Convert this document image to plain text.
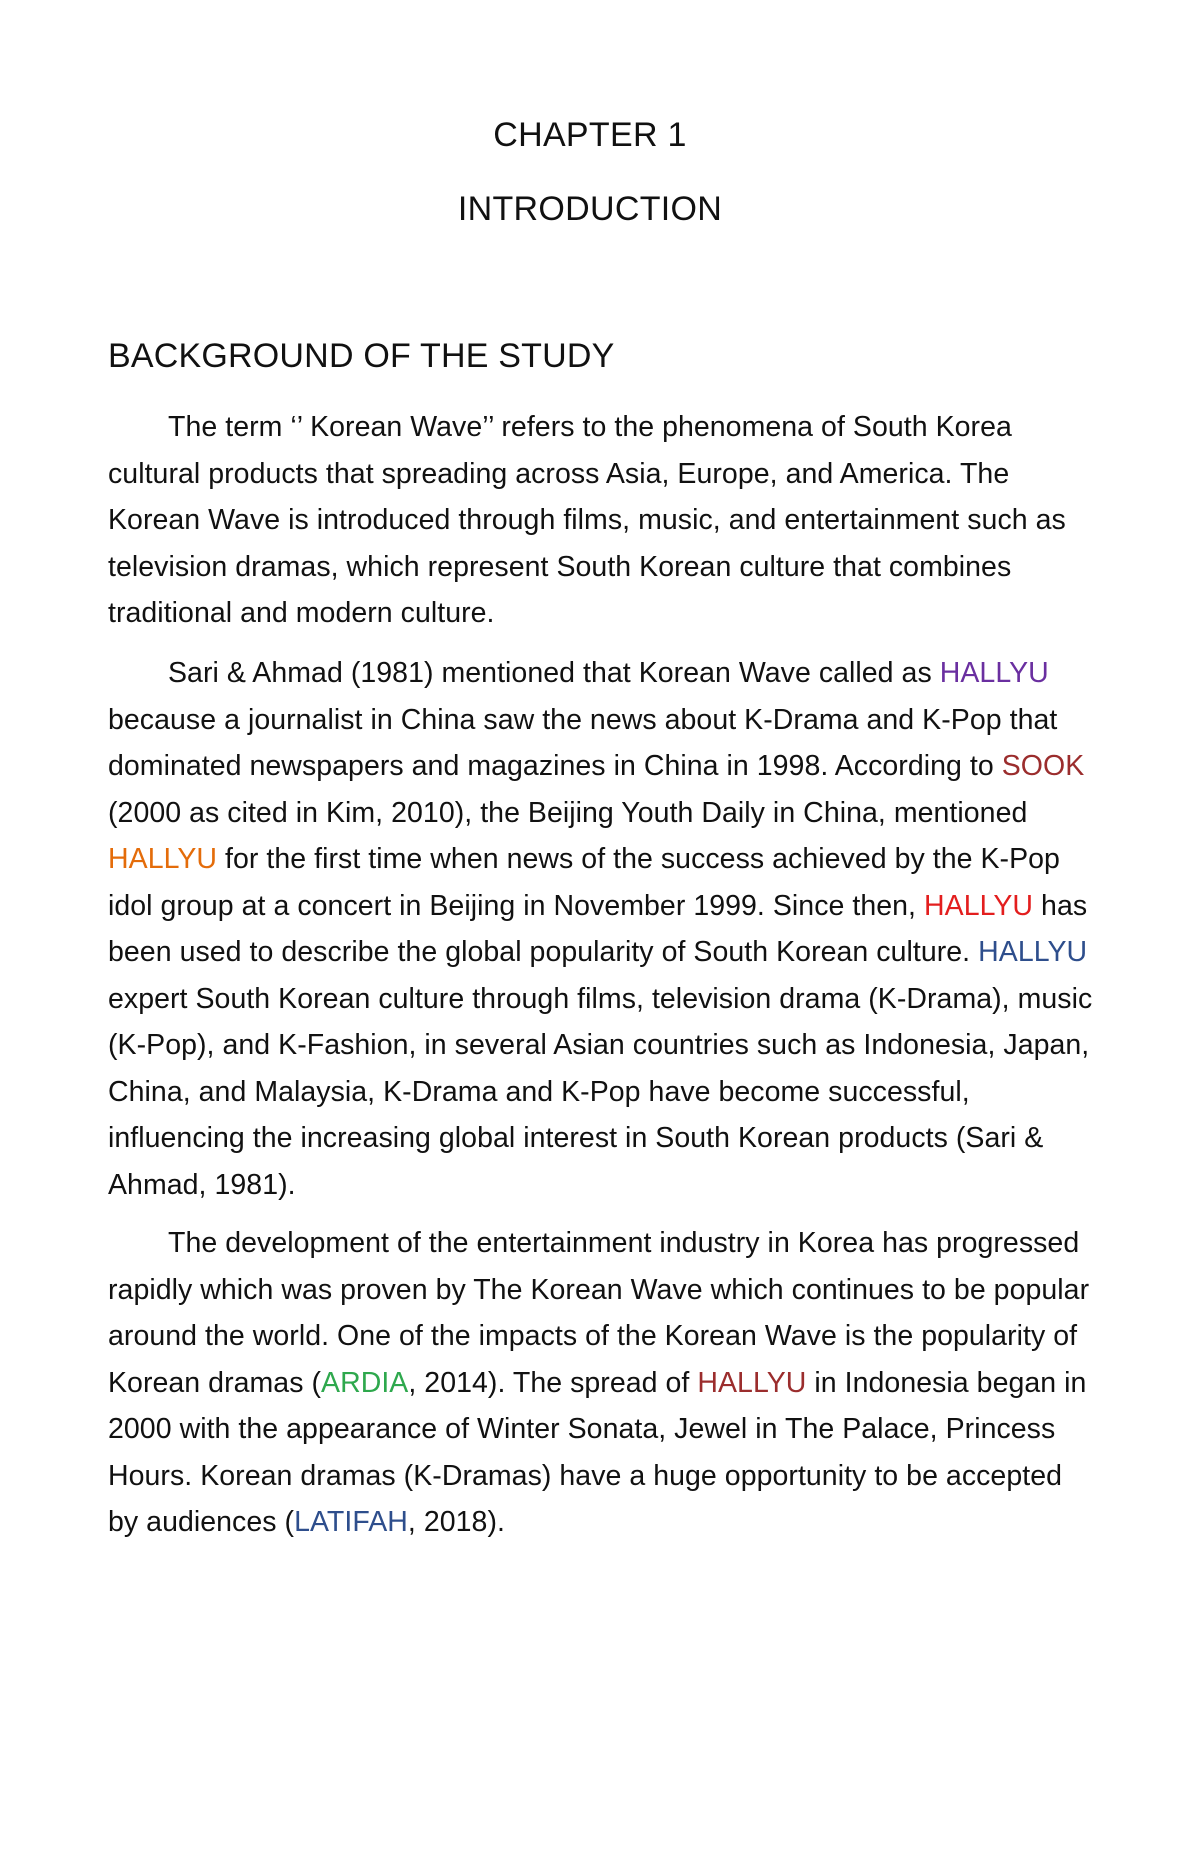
CHAPTER 1
INTRODUCTION
BACKGROUND OF THE STUDY

The term ‘’ Korean Wave’’ refers to the phenomena of South Korea cultural products that spreading across Asia, Europe, and America. The Korean Wave is introduced through films, music, and entertainment such as television dramas, which represent South Korean culture that combines traditional and modern culture.

Sari & Ahmad (1981) mentioned that Korean Wave called as HALLYU because a journalist in China saw the news about K-Drama and K-Pop that dominated newspapers and magazines in China in 1998. According to SOOK (2000 as cited in Kim, 2010), the Beijing Youth Daily in China, mentioned HALLYU for the first time when news of the success achieved by the K-Pop idol group at a concert in Beijing in November 1999. Since then, HALLYU has been used to describe the global popularity of South Korean culture. HALLYU expert South Korean culture through films, television drama (K-Drama), music (K-Pop), and K-Fashion, in several Asian countries such as Indonesia, Japan, China, and Malaysia, K-Drama and K-Pop have become successful, influencing the increasing global interest in South Korean products (Sari & Ahmad, 1981).

The development of the entertainment industry in Korea has progressed rapidly which was proven by The Korean Wave which continues to be popular around the world. One of the impacts of the Korean Wave is the popularity of Korean dramas (ARDIA, 2014). The spread of HALLYU in Indonesia began in 2000 with the appearance of Winter Sonata, Jewel in The Palace, Princess Hours. Korean dramas (K-Dramas) have a huge opportunity to be accepted by audiences (LATIFAH, 2018).
